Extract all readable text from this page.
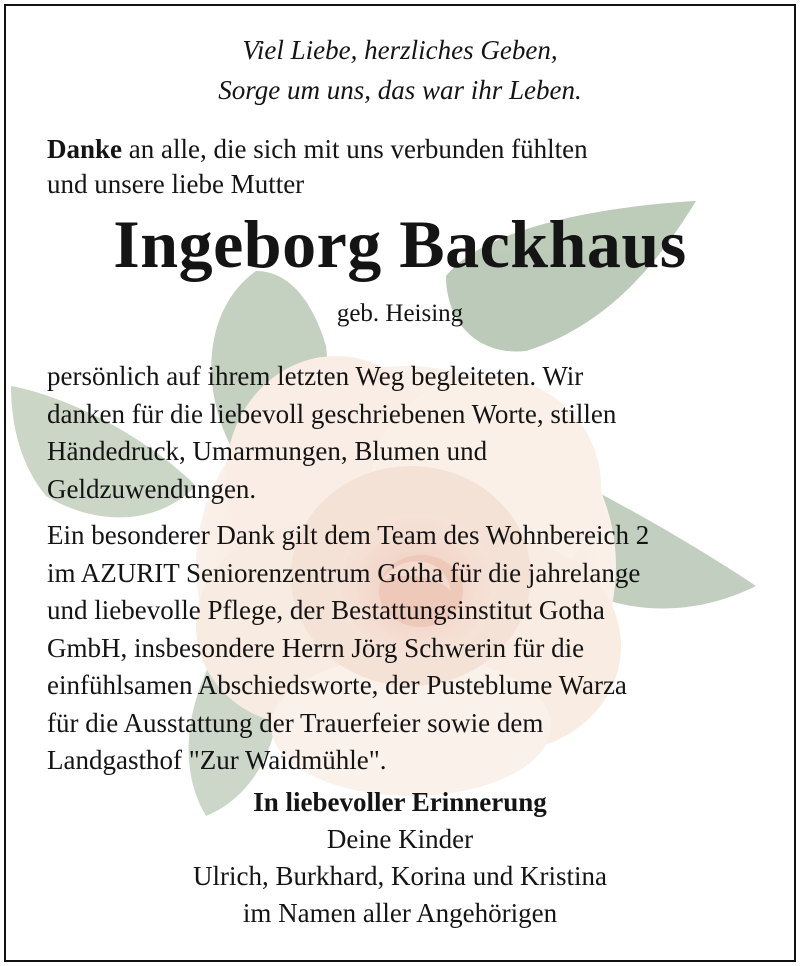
Viel Liebe, herzliches Geben,
Sorge um uns, das war ihr Leben.
Danke an alle, die sich mit uns verbunden fühlten
und unsere liebe Mutter
Ingeborg Backhaus
geb. Heising
persönlich auf ihrem letzten Weg begleiteten. Wir
danken für die liebevoll geschriebenen Worte, stillen
Händedruck, Umarmungen, Blumen und
Geldzuwendungen.
Ein besonderer Dank gilt dem Team des Wohnbereich 2
im AZURIT Seniorenzentrum Gotha für die jahrelange
und liebevolle Pflege, der Bestattungsinstitut Gotha
GmbH, insbesondere Herrn Jörg Schwerin für die
einfühlsamen Abschiedsworte, der Pusteblume Warza
für die Ausstattung der Trauerfeier sowie dem
Landgasthof "Zur Waidmühle".
In liebevoller Erinnerung
Deine Kinder
Ulrich, Burkhard, Korina und Kristina
im Namen aller Angehörigen
